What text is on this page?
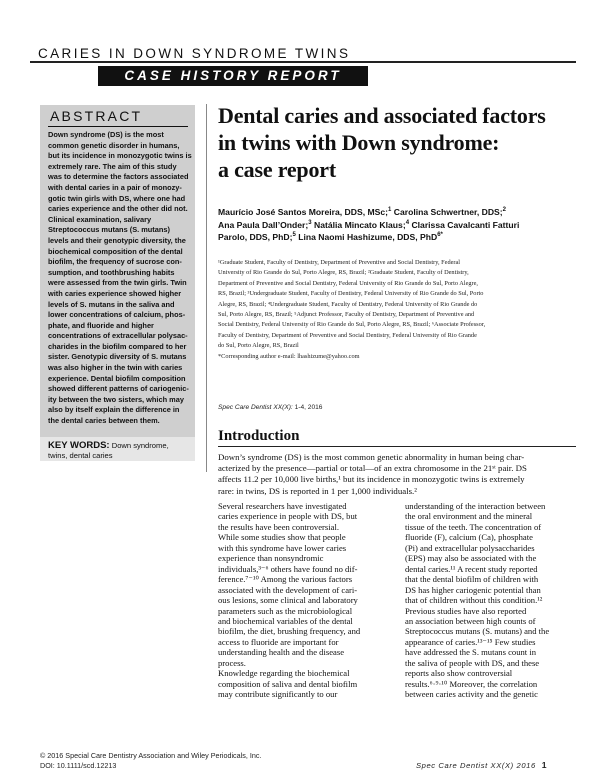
CARIES IN DOWN SYNDROME TWINS
CASE HISTORY REPORT
ABSTRACT
Down syndrome (DS) is the most
common genetic disorder in humans,
but its incidence in monozygotic twins is
extremely rare. The aim of this study
was to determine the factors associated
with dental caries in a pair of monozy-
gotic twin girls with DS, where one had
caries experience and the other did not.
Clinical examination, salivary
Streptococcus mutans (S. mutans)
levels and their genotypic diversity, the
biochemical composition of the dental
biofilm, the frequency of sucrose con-
sumption, and toothbrushing habits
were assessed from the twin girls. Twin
with caries experience showed higher
levels of S. mutans in the saliva and
lower concentrations of calcium, phos-
phate, and fluoride and higher
concentrations of extracellular polysac-
charides in the biofilm compared to her
sister. Genotypic diversity of S. mutans
was also higher in the twin with caries
experience. Dental biofilm composition
showed different patterns of cariogenic-
ity between the two sisters, which may
also by itself explain the difference in
the dental caries between them.
KEY WORDS: Down syndrome,
twins, dental caries
Dental caries and associated factors
in twins with Down syndrome:
a case report
Maurício José Santos Moreira, DDS, MSc;$^1$ Carolina Schwertner, DDS;$^2$
Ana Paula Dall’Onder;$^3$ Natália Mincato Klaus;$^4$ Clarissa Cavalcanti Fatturi
Parolo, DDS, PhD;$^5$ Lina Naomi Hashizume, DDS, PhD$^{6*}$
¹Graduate Student, Faculty of Dentistry, Department of Preventive and Social Dentistry, Federal
University of Rio Grande do Sul, Porto Alegre, RS, Brazil; ²Graduate Student, Faculty of Dentistry,
Department of Preventive and Social Dentistry, Federal University of Rio Grande do Sul, Porto Alegre,
RS, Brazil; ³Undergraduate Student, Faculty of Dentistry, Federal University of Rio Grande do Sul, Porto
Alegre, RS, Brazil; ⁴Undergraduate Student, Faculty of Dentistry, Federal University of Rio Grande do
Sul, Porto Alegre, RS, Brazil; ⁵Adjunct Professor, Faculty of Dentistry, Department of Preventive and
Social Dentistry, Federal University of Rio Grande do Sul, Porto Alegre, RS, Brazil; ⁶Associate Professor,
Faculty of Dentistry, Department of Preventive and Social Dentistry, Federal University of Rio Grande
do Sul, Porto Alegre, RS, Brazil
*Corresponding author e-mail: lhashizume@yahoo.com
Spec Care Dentist XX(X): 1-4, 2016
Introduction
Down’s syndrome (DS) is the most common genetic abnormality in human being char-
acterized by the presence—partial or total—of an extra chromosome in the 21ˢᵗ pair. DS
affects 11.2 per 10,000 live births,¹ but its incidence in monozygotic twins is extremely
rare: in twins, DS is reported in 1 per 1,000 individuals.²
Several researchers have investigated
caries experience in people with DS, but
the results have been controversial.
While some studies show that people
with this syndrome have lower caries
experience than nonsyndromic
individuals,³⁻⁶ others have found no dif-
ference.⁷⁻¹⁰ Among the various factors
associated with the development of cari-
ous lesions, some clinical and laboratory
parameters such as the microbiological
and biochemical variables of the dental
biofilm, the diet, brushing frequency, and
access to fluoride are important for
understanding health and the disease
process.
Knowledge regarding the biochemical
composition of saliva and dental biofilm
may contribute significantly to our
understanding of the interaction between
the oral environment and the mineral
tissue of the teeth. The concentration of
fluoride (F), calcium (Ca), phosphate
(Pi) and extracellular polysaccharides
(EPS) may also be associated with the
dental caries.¹¹ A recent study reported
that the dental biofilm of children with
DS has higher cariogenic potential than
that of children without this condition.¹²
Previous studies have also reported
an association between high counts of
Streptococcus mutans (S. mutans) and the
appearance of caries.¹³⁻¹⁵ Few studies
have addressed the S. mutans count in
the saliva of people with DS, and these
reports also show controversial
results.⁶·⁹·¹⁰ Moreover, the correlation
between caries activity and the genetic
© 2016 Special Care Dentistry Association and Wiley Periodicals, Inc.
DOI: 10.1111/scd.12213	Spec Care Dentist XX(X) 2016 1
